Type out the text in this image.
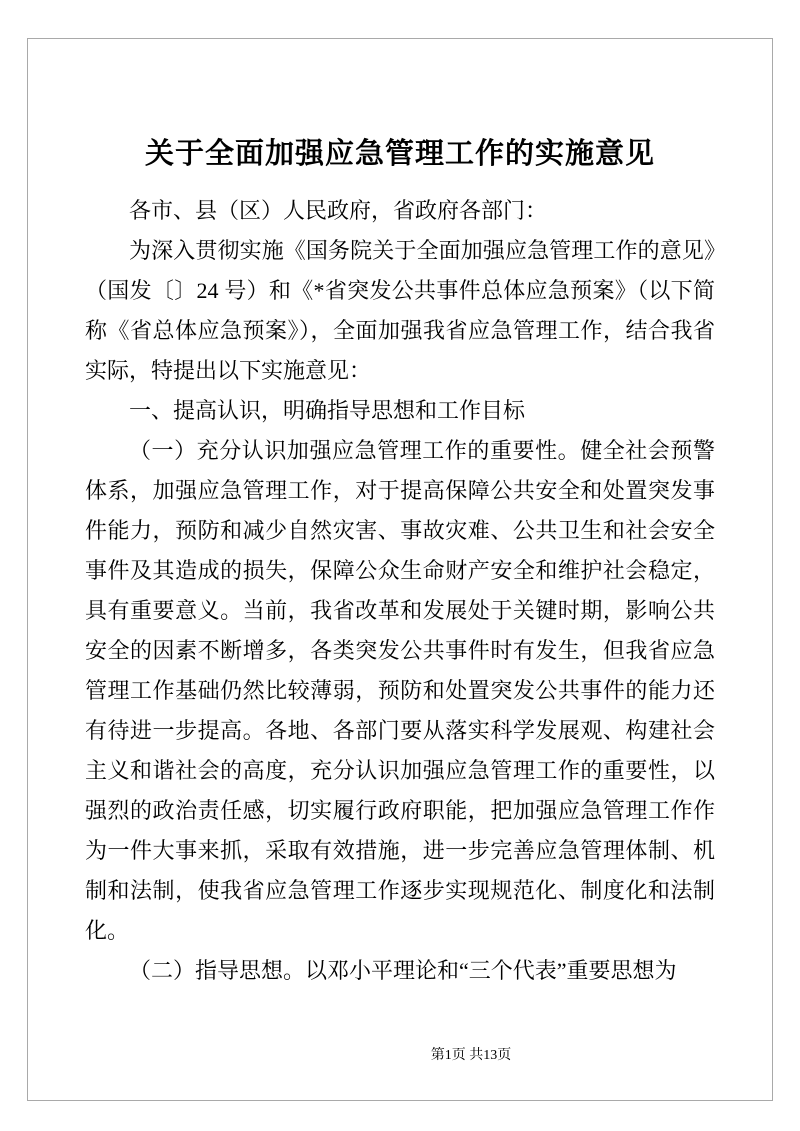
关于全面加强应急管理工作的实施意见

各市、县（区）人民政府，省政府各部门：

为深入贯彻实施《国务院关于全面加强应急管理工作的意见》（国发〔〕24 号）和《*省突发公共事件总体应急预案》（以下简称《省总体应急预案》），全面加强我省应急管理工作，结合我省实际，特提出以下实施意见：

一、提高认识，明确指导思想和工作目标

（一）充分认识加强应急管理工作的重要性。健全社会预警体系，加强应急管理工作，对于提高保障公共安全和处置突发事件能力，预防和减少自然灾害、事故灾难、公共卫生和社会安全事件及其造成的损失，保障公众生命财产安全和维护社会稳定，具有重要意义。当前，我省改革和发展处于关键时期，影响公共安全的因素不断增多，各类突发公共事件时有发生，但我省应急管理工作基础仍然比较薄弱，预防和处置突发公共事件的能力还有待进一步提高。各地、各部门要从落实科学发展观、构建社会主义和谐社会的高度，充分认识加强应急管理工作的重要性，以强烈的政治责任感，切实履行政府职能，把加强应急管理工作作为一件大事来抓，采取有效措施，进一步完善应急管理体制、机制和法制，使我省应急管理工作逐步实现规范化、制度化和法制化。

（二）指导思想。以邓小平理论和“三个代表”重要思想为

第1页 共13页
